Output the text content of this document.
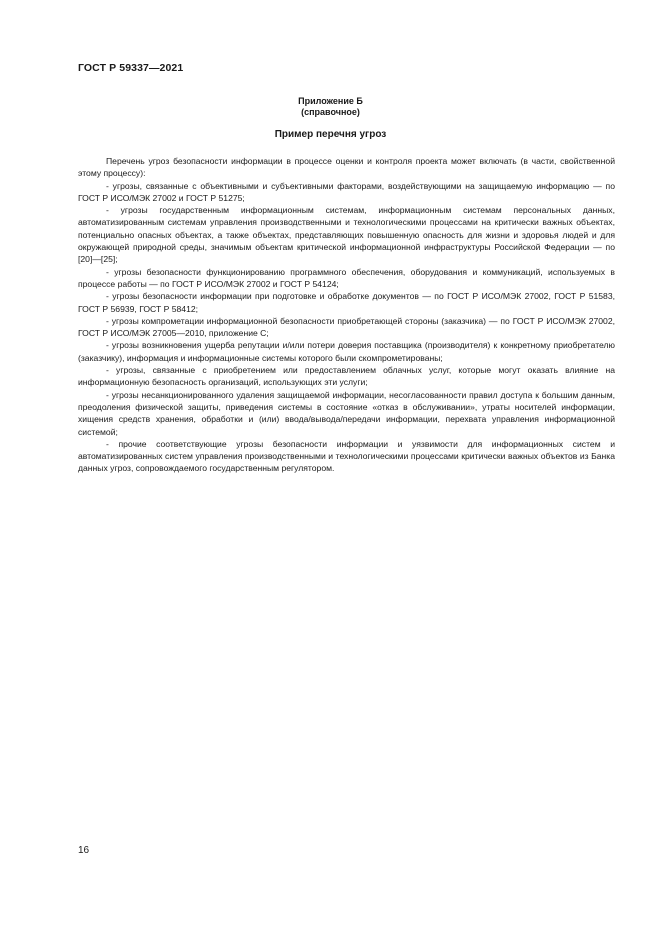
ГОСТ Р 59337—2021
Приложение Б
(справочное)
Пример перечня угроз

Перечень угроз безопасности информации в процессе оценки и контроля проекта может включать (в части, свойственной этому процессу):

- угрозы, связанные с объективными и субъективными факторами, воздействующими на защищаемую информацию — по ГОСТ Р ИСО/МЭК 27002 и ГОСТ Р 51275;

- угрозы государственным информационным системам, информационным системам персональных данных, автоматизированным системам управления производственными и технологическими процессами на критически важных объектах, потенциально опасных объектах, а также объектах, представляющих повышенную опасность для жизни и здоровья людей и для окружающей природной среды, значимым объектам критической информационной инфраструктуры Российской Федерации — по [20]—[25];

- угрозы безопасности функционированию программного обеспечения, оборудования и коммуникаций, используемых в процессе работы — по ГОСТ Р ИСО/МЭК 27002 и ГОСТ Р 54124;

- угрозы безопасности информации при подготовке и обработке документов — по ГОСТ Р ИСО/МЭК 27002, ГОСТ Р 51583, ГОСТ Р 56939, ГОСТ Р 58412;

- угрозы компрометации информационной безопасности приобретающей стороны (заказчика) — по ГОСТ Р ИСО/МЭК 27002, ГОСТ Р ИСО/МЭК 27005—2010, приложение С;

- угрозы возникновения ущерба репутации и/или потери доверия поставщика (производителя) к конкретному приобретателю (заказчику), информация и информационные системы которого были скомпрометированы;

- угрозы, связанные с приобретением или предоставлением облачных услуг, которые могут оказать влияние на информационную безопасность организаций, использующих эти услуги;

- угрозы несанкционированного удаления защищаемой информации, несогласованности правил доступа к большим данным, преодоления физической защиты, приведения системы в состояние «отказ в обслуживании», утраты носителей информации, хищения средств хранения, обработки и (или) ввода/вывода/передачи информации, перехвата управления информационной системой;

- прочие соответствующие угрозы безопасности информации и уязвимости для информационных систем и автоматизированных систем управления производственными и технологическими процессами критически важных объектов из Банка данных угроз, сопровождаемого государственным регулятором.

16
